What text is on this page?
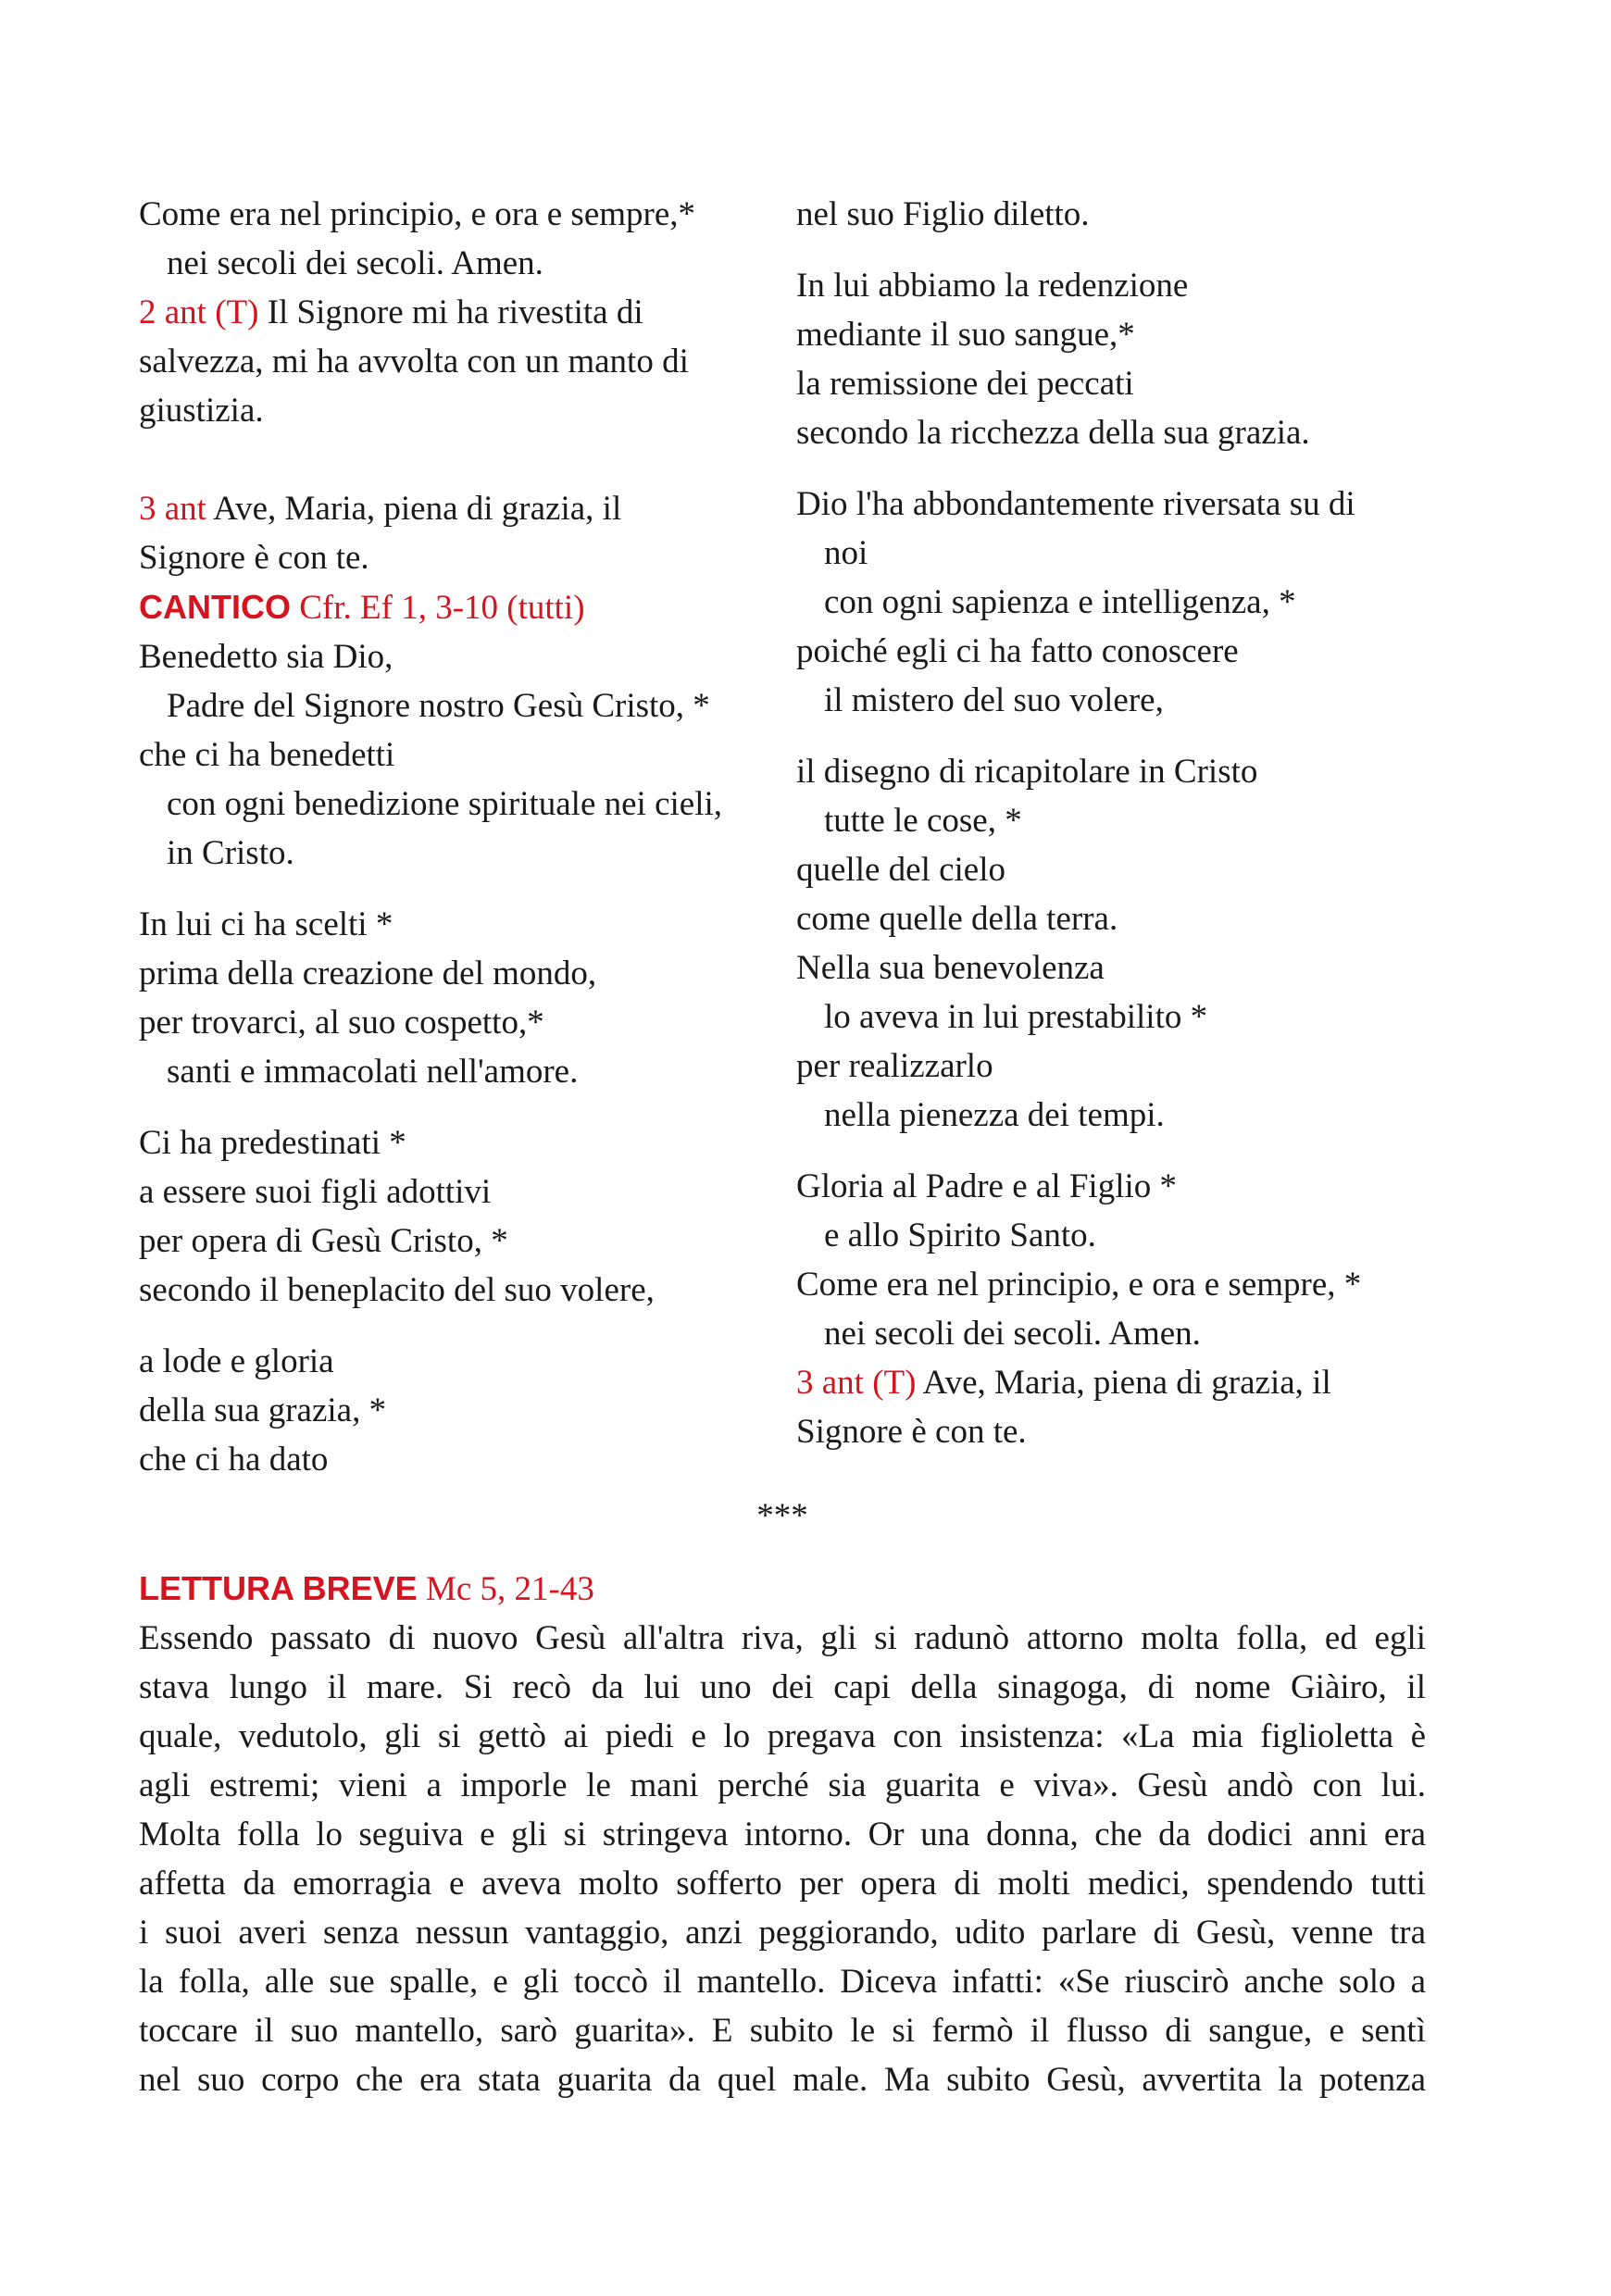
Come era nel principio, e ora e sempre,*
nei secoli dei secoli. Amen.
2 ant (T) Il Signore mi ha rivestita di
salvezza, mi ha avvolta con un manto di
giustizia.
3 ant Ave, Maria, piena di grazia, il
Signore è con te.
CANTICO Cfr. Ef 1, 3-10 (tutti)
Benedetto sia Dio,
Padre del Signore nostro Gesù Cristo, *
che ci ha benedetti
con ogni benedizione spirituale nei cieli,
in Cristo.
In lui ci ha scelti *
prima della creazione del mondo,
per trovarci, al suo cospetto,*
santi e immacolati nell'amore.
Ci ha predestinati *
a essere suoi figli adottivi
per opera di Gesù Cristo, *
secondo il beneplacito del suo volere,
a lode e gloria
della sua grazia, *
che ci ha dato
nel suo Figlio diletto.
In lui abbiamo la redenzione
mediante il suo sangue,*
la remissione dei peccati
secondo la ricchezza della sua grazia.
Dio l'ha abbondantemente riversata su di
noi
con ogni sapienza e intelligenza, *
poiché egli ci ha fatto conoscere
il mistero del suo volere,
il disegno di ricapitolare in Cristo
tutte le cose, *
quelle del cielo
come quelle della terra.
Nella sua benevolenza
lo aveva in lui prestabilito *
per realizzarlo
nella pienezza dei tempi.
Gloria al Padre e al Figlio *
e allo Spirito Santo.
Come era nel principio, e ora e sempre, *
nei secoli dei secoli. Amen.
3 ant (T) Ave, Maria, piena di grazia, il
Signore è con te.
***
LETTURA BREVE Mc 5, 21-43
Essendo passato di nuovo Gesù all'altra riva, gli si radunò attorno molta folla, ed egli
stava lungo il mare. Si recò da lui uno dei capi della sinagoga, di nome Giàiro, il
quale, vedutolo, gli si gettò ai piedi e lo pregava con insistenza: «La mia figlioletta è
agli estremi; vieni a imporle le mani perché sia guarita e viva». Gesù andò con lui.
Molta folla lo seguiva e gli si stringeva intorno. Or una donna, che da dodici anni era
affetta da emorragia e aveva molto sofferto per opera di molti medici, spendendo tutti
i suoi averi senza nessun vantaggio, anzi peggiorando, udito parlare di Gesù, venne tra
la folla, alle sue spalle, e gli toccò il mantello. Diceva infatti: «Se riuscirò anche solo a
toccare il suo mantello, sarò guarita». E subito le si fermò il flusso di sangue, e sentì
nel suo corpo che era stata guarita da quel male. Ma subito Gesù, avvertita la potenza
